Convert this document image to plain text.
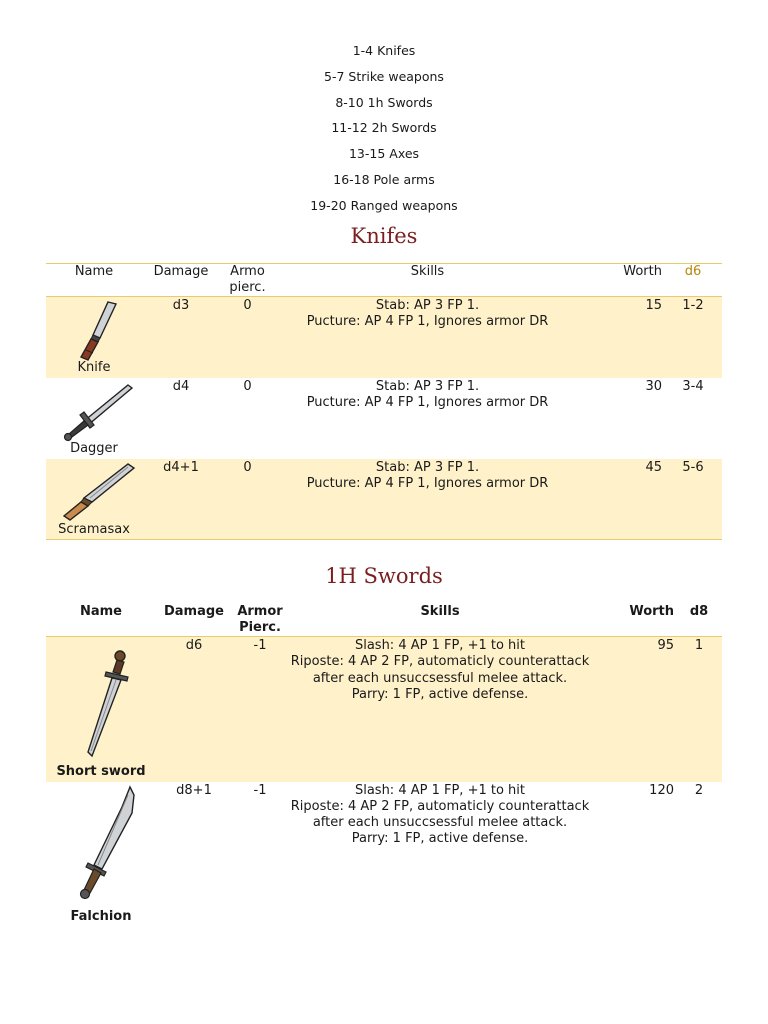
1-4 Knifes
5-7 Strike weapons
8-10 1h Swords
11-12 2h Swords
13-15 Axes
16-18 Pole arms
19-20 Ranged weapons
Knifes
Name	Damage	Armo pierc.	Skills	Worth	d6

Knife	d3	0	Stab: AP 3 FP 1.
Pucture: AP 4 FP 1, Ignores armor DR	15	1-2

Dagger	d4	0	Stab: AP 3 FP 1.
Pucture: AP 4 FP 1, Ignores armor DR	30	3-4

Scramasax	d4+1	0	Stab: AP 3 FP 1.
Pucture: AP 4 FP 1, Ignores armor DR	45	5-6
1H Swords
Name	Damage	Armor Pierc.	Skills	Worth	d8

Short sword	d6	-1	Slash: 4 AP 1 FP, +1 to hit
Riposte: 4 AP 2 FP, automaticly counterattack
after each unsuccsessful melee attack.
Parry: 1 FP, active defense.	95	1

Falchion	d8+1	-1	Slash: 4 AP 1 FP, +1 to hit
Riposte: 4 AP 2 FP, automaticly counterattack
after each unsuccsessful melee attack.
Parry: 1 FP, active defense.	120	2
